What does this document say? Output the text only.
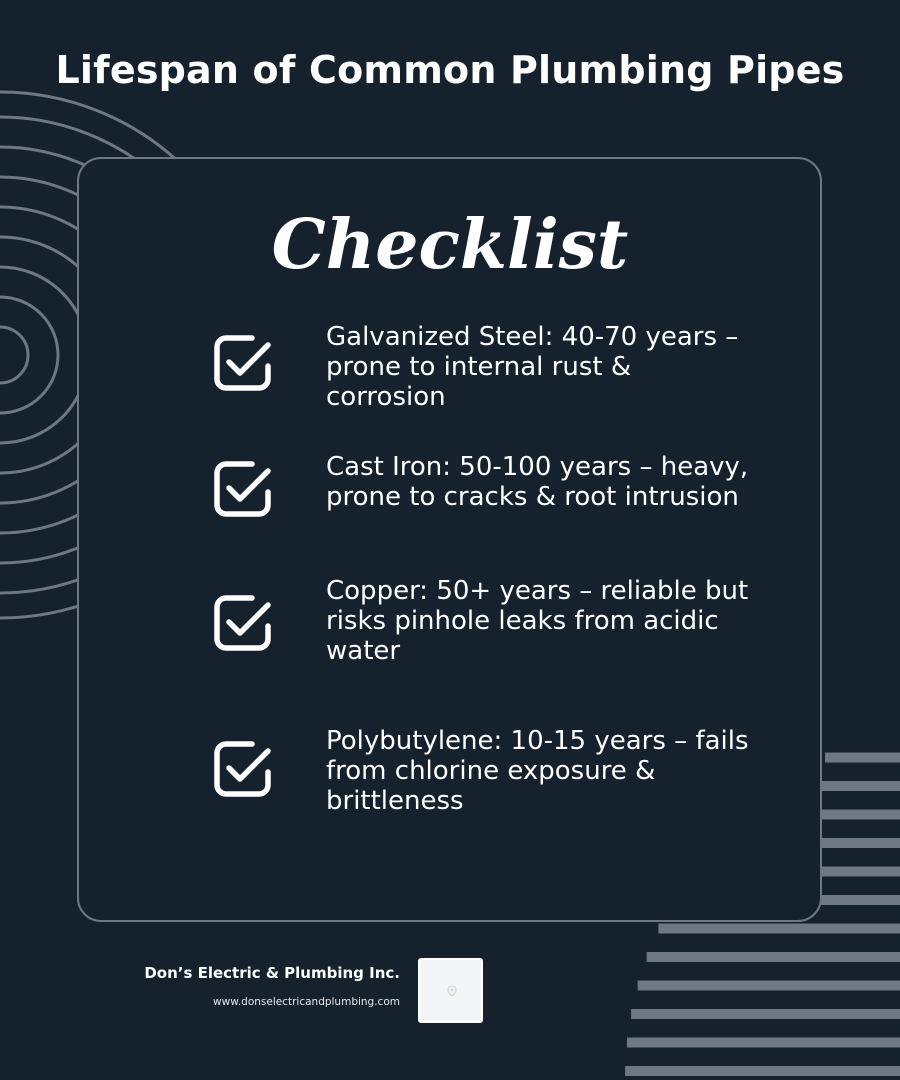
Lifespan of Common Plumbing Pipes
Checklist

Galvanized Steel: 40-70 years – prone to internal rust & corrosion

Cast Iron: 50-100 years – heavy, prone to cracks & root intrusion

Copper: 50+ years – reliable but risks pinhole leaks from acidic water

Polybutylene: 10-15 years – fails from chlorine exposure & brittleness

Don’s Electric & Plumbing Inc.
www.donselectricandplumbing.com
